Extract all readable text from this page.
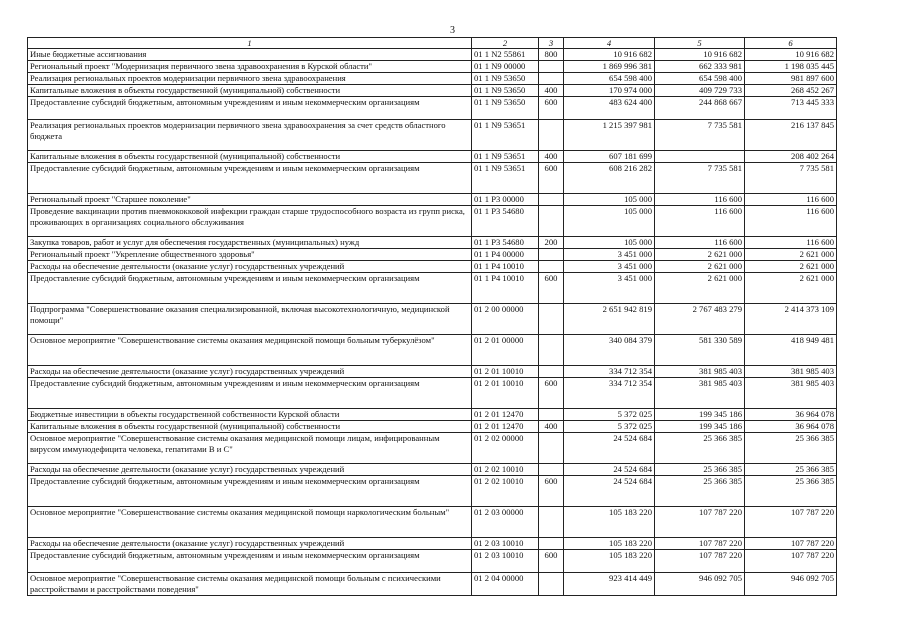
3
1	2	3	4	5	6
Иные бюджетные ассигнования	01 1 N2 55861	800	10 916 682	10 916 682	10 916 682
Региональный проект "Модернизация первичного звена здравоохранения в Курской области"	01 1 N9 00000		1 869 996 381	662 333 981	1 198 035 445
Реализация региональных проектов модернизации первичного звена здравоохранения	01 1 N9 53650		654 598 400	654 598 400	981 897 600
Капитальные вложения в объекты государственной (муниципальной) собственности	01 1 N9 53650	400	170 974 000	409 729 733	268 452 267
Предоставление субсидий бюджетным, автономным учреждениям и иным некоммерческим организациям	01 1 N9 53650	600	483 624 400	244 868 667	713 445 333
Реализация региональных проектов модернизации первичного звена здравоохранения за счет средств областного бюджета	01 1 N9 53651		1 215 397 981	7 735 581	216 137 845
Капитальные вложения в объекты государственной (муниципальной) собственности	01 1 N9 53651	400	607 181 699		208 402 264
Предоставление субсидий бюджетным, автономным учреждениям и иным некоммерческим организациям	01 1 N9 53651	600	608 216 282	7 735 581	7 735 581
Региональный проект "Старшее поколение"	01 1 P3 00000		105 000	116 600	116 600
Проведение вакцинации против пневмококковой инфекции граждан старше трудоспособного возраста из групп риска, проживающих в организациях социального обслуживания	01 1 P3 54680		105 000	116 600	116 600
Закупка товаров, работ и услуг для обеспечения государственных (муниципальных) нужд	01 1 P3 54680	200	105 000	116 600	116 600
Региональный проект "Укрепление общественного здоровья"	01 1 P4 00000		3 451 000	2 621 000	2 621 000
Расходы на обеспечение деятельности (оказание услуг) государственных учреждений	01 1 P4 10010		3 451 000	2 621 000	2 621 000
Предоставление субсидий бюджетным, автономным учреждениям и иным некоммерческим организациям	01 1 P4 10010	600	3 451 000	2 621 000	2 621 000
Подпрограмма "Совершенствование оказания специализированной, включая высокотехнологичную, медицинской помощи"	01 2 00 00000		2 651 942 819	2 767 483 279	2 414 373 109
Основное мероприятие "Совершенствование системы оказания медицинской помощи больным туберкулёзом"	01 2 01 00000		340 084 379	581 330 589	418 949 481
Расходы на обеспечение деятельности (оказание услуг) государственных учреждений	01 2 01 10010		334 712 354	381 985 403	381 985 403
Предоставление субсидий бюджетным, автономным учреждениям и иным некоммерческим организациям	01 2 01 10010	600	334 712 354	381 985 403	381 985 403
Бюджетные инвестиции в объекты государственной собственности Курской области	01 2 01 12470		5 372 025	199 345 186	36 964 078
Капитальные вложения в объекты государственной (муниципальной) собственности	01 2 01 12470	400	5 372 025	199 345 186	36 964 078
Основное мероприятие "Совершенствование системы оказания медицинской помощи лицам, инфицированным вирусом иммунодефицита человека, гепатитами В и С"	01 2 02 00000		24 524 684	25 366 385	25 366 385
Расходы на обеспечение деятельности (оказание услуг) государственных учреждений	01 2 02 10010		24 524 684	25 366 385	25 366 385
Предоставление субсидий бюджетным, автономным учреждениям и иным некоммерческим организациям	01 2 02 10010	600	24 524 684	25 366 385	25 366 385
Основное мероприятие "Совершенствование системы оказания медицинской помощи наркологическим больным"	01 2 03 00000		105 183 220	107 787 220	107 787 220
Расходы на обеспечение деятельности (оказание услуг) государственных учреждений	01 2 03 10010		105 183 220	107 787 220	107 787 220
Предоставление субсидий бюджетным, автономным учреждениям и иным некоммерческим организациям	01 2 03 10010	600	105 183 220	107 787 220	107 787 220
Основное мероприятие "Совершенствование системы оказания медицинской помощи больным с психическими расстройствами и расстройствами поведения"	01 2 04 00000		923 414 449	946 092 705	946 092 705
